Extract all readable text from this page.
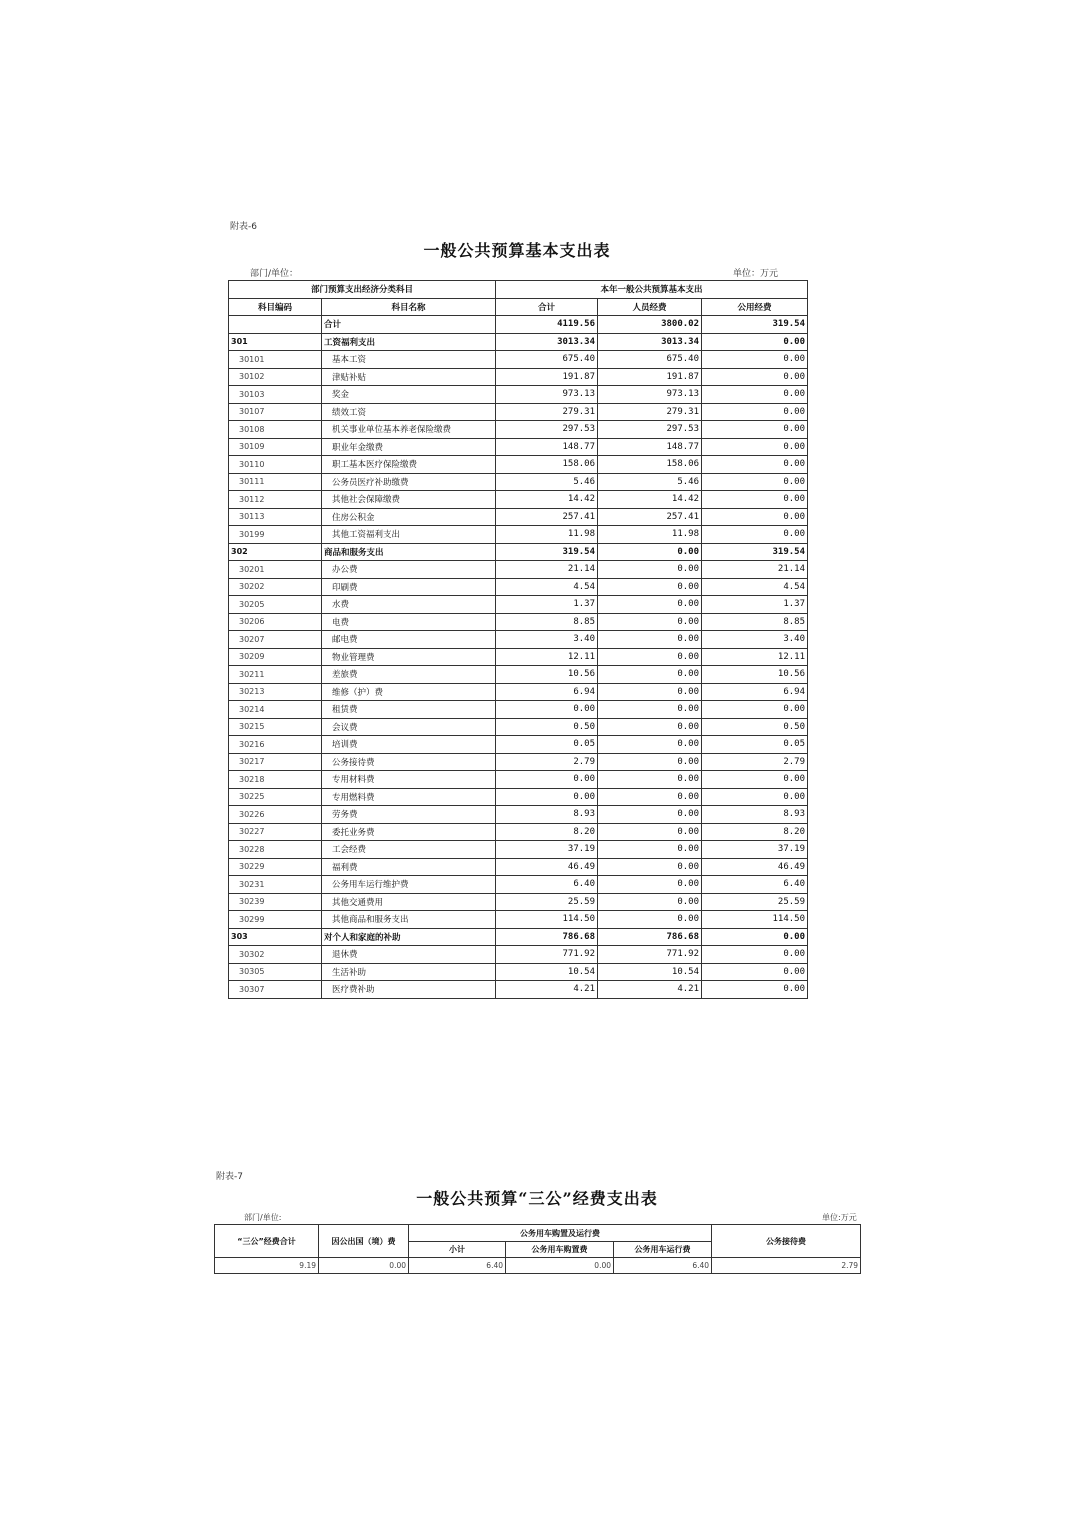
附表-6
一般公共预算基本支出表
部门/单位：	单位：万元
部门预算支出经济分类科目		本年一般公共预算基本支出		
科目编码	科目名称	合计	人员经费	公用经费
	合计	4119.56	3800.02	319.54
301	工资福利支出	3013.34	3013.34	0.00
30101	基本工资	675.40	675.40	0.00
30102	津贴补贴	191.87	191.87	0.00
30103	奖金	973.13	973.13	0.00
30107	绩效工资	279.31	279.31	0.00
30108	机关事业单位基本养老保险缴费	297.53	297.53	0.00
30109	职业年金缴费	148.77	148.77	0.00
30110	职工基本医疗保险缴费	158.06	158.06	0.00
30111	公务员医疗补助缴费	5.46	5.46	0.00
30112	其他社会保障缴费	14.42	14.42	0.00
30113	住房公积金	257.41	257.41	0.00
30199	其他工资福利支出	11.98	11.98	0.00
302	商品和服务支出	319.54	0.00	319.54
30201	办公费	21.14	0.00	21.14
30202	印刷费	4.54	0.00	4.54
30205	水费	1.37	0.00	1.37
30206	电费	8.85	0.00	8.85
30207	邮电费	3.40	0.00	3.40
30209	物业管理费	12.11	0.00	12.11
30211	差旅费	10.56	0.00	10.56
30213	维修（护）费	6.94	0.00	6.94
30214	租赁费	0.00	0.00	0.00
30215	会议费	0.50	0.00	0.50
30216	培训费	0.05	0.00	0.05
30217	公务接待费	2.79	0.00	2.79
30218	专用材料费	0.00	0.00	0.00
30225	专用燃料费	0.00	0.00	0.00
30226	劳务费	8.93	0.00	8.93
30227	委托业务费	8.20	0.00	8.20
30228	工会经费	37.19	0.00	37.19
30229	福利费	46.49	0.00	46.49
30231	公务用车运行维护费	6.40	0.00	6.40
30239	其他交通费用	25.59	0.00	25.59
30299	其他商品和服务支出	114.50	0.00	114.50
303	对个人和家庭的补助	786.68	786.68	0.00
30302	退休费	771.92	771.92	0.00
30305	生活补助	10.54	10.54	0.00
30307	医疗费补助	4.21	4.21	0.00
附表-7
一般公共预算“三公”经费支出表
部门/单位:	单位:万元
“三公”经费合计	因公出国（境）费	公务用车购置及运行费			公务接待费
		小计	公务用车购置费	公务用车运行费	
9.19	0.00	6.40	0.00	6.40	2.79
